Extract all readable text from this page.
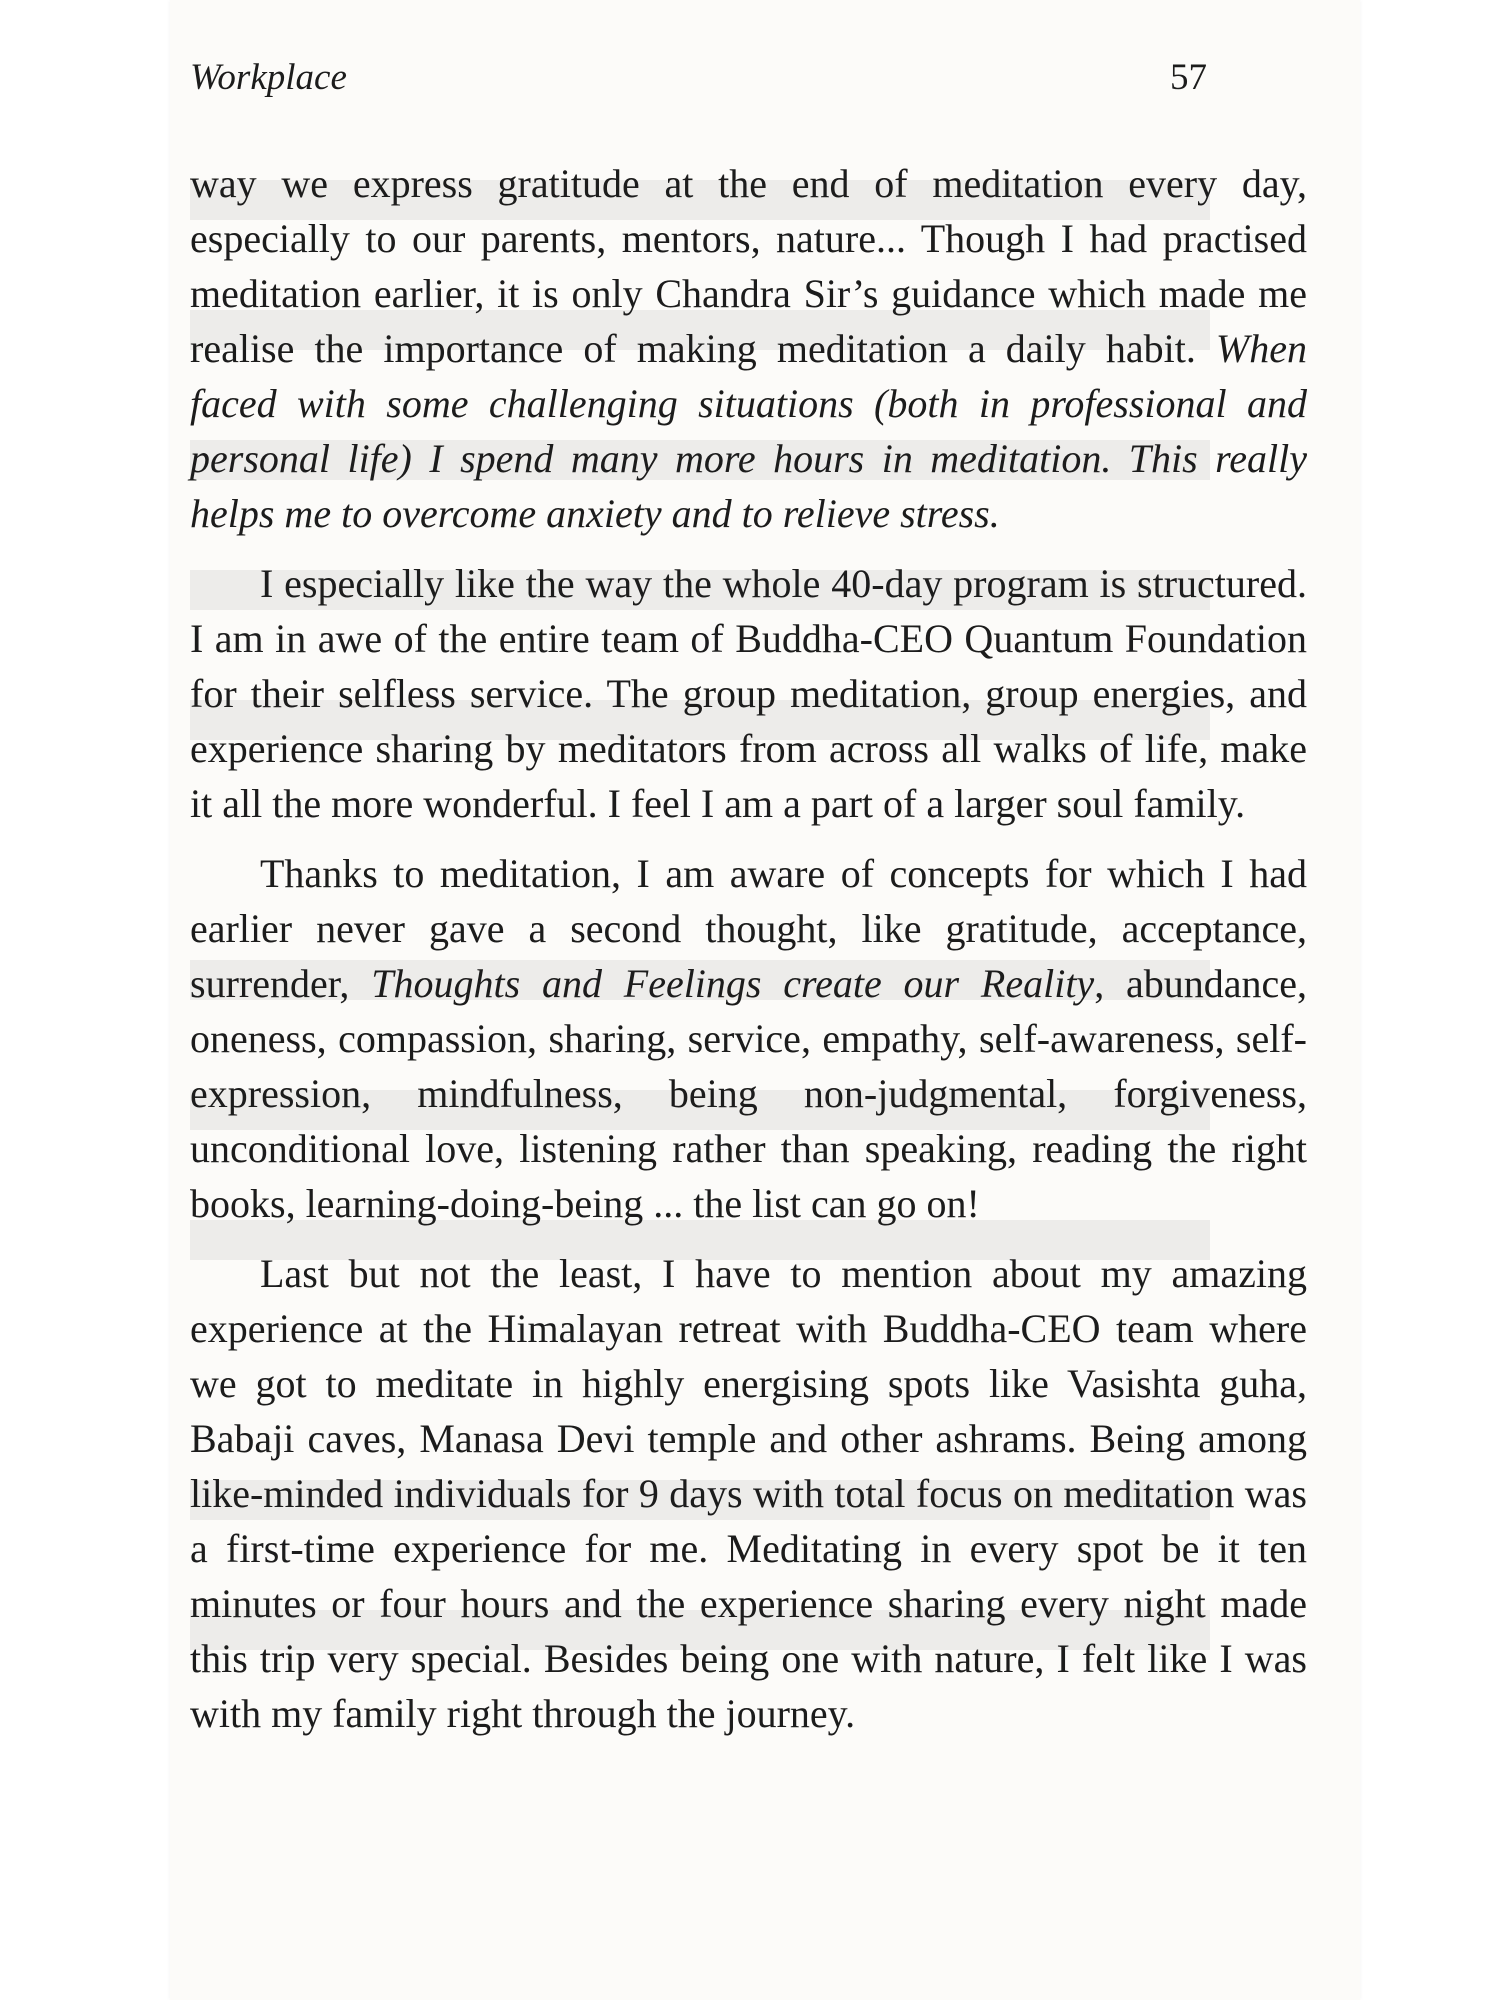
Workplace	57

way we express gratitude at the end of meditation every day, especially to our parents, mentors, nature... Though I had practised meditation earlier, it is only Chandra Sir’s guidance which made me realise the importance of making meditation a daily habit. When faced with some challenging situations (both in professional and personal life) I spend many more hours in meditation. This really helps me to overcome anxiety and to relieve stress.

I especially like the way the whole 40-day program is structured. I am in awe of the entire team of Buddha-CEO Quantum Foundation for their selfless service. The group meditation, group energies, and experience sharing by meditators from across all walks of life, make it all the more wonderful. I feel I am a part of a larger soul family.

Thanks to meditation, I am aware of concepts for which I had earlier never gave a second thought, like gratitude, acceptance, surrender, Thoughts and Feelings create our Reality, abundance, oneness, compassion, sharing, service, empathy, self-awareness, self-expression, mindfulness, being non-judgmental, forgiveness, unconditional love, listening rather than speaking, reading the right books, learning-doing-being ... the list can go on!

Last but not the least, I have to mention about my amazing experience at the Himalayan retreat with Buddha-CEO team where we got to meditate in highly energising spots like Vasishta guha, Babaji caves, Manasa Devi temple and other ashrams. Being among like-minded individuals for 9 days with total focus on meditation was a first-time experience for me. Meditating in every spot be it ten minutes or four hours and the experience sharing every night made this trip very special. Besides being one with nature, I felt like I was with my family right through the journey.
